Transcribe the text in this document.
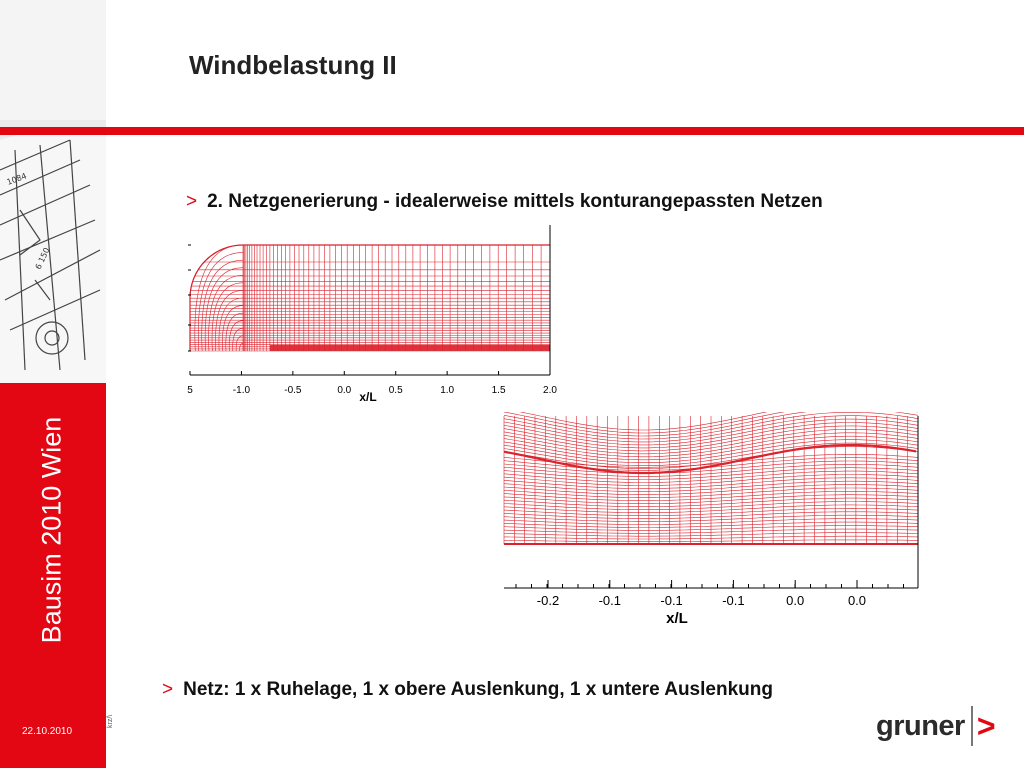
1084
6 150
Bausim 2010 Wien
22.10.2010
krz/\
Windbelastung II
> 2. Netzgenerierung - idealerweise mittels konturangepassten Netzen
5	-1.0	-0.5	0.0	0.5	1.0	1.5	2.0
x/L
-0.2	-0.1	-0.1	-0.1	0.0	0.0
x/L
> Netz: 1 x Ruhelage, 1 x obere Auslenkung, 1 x untere Auslenkung
gruner >
